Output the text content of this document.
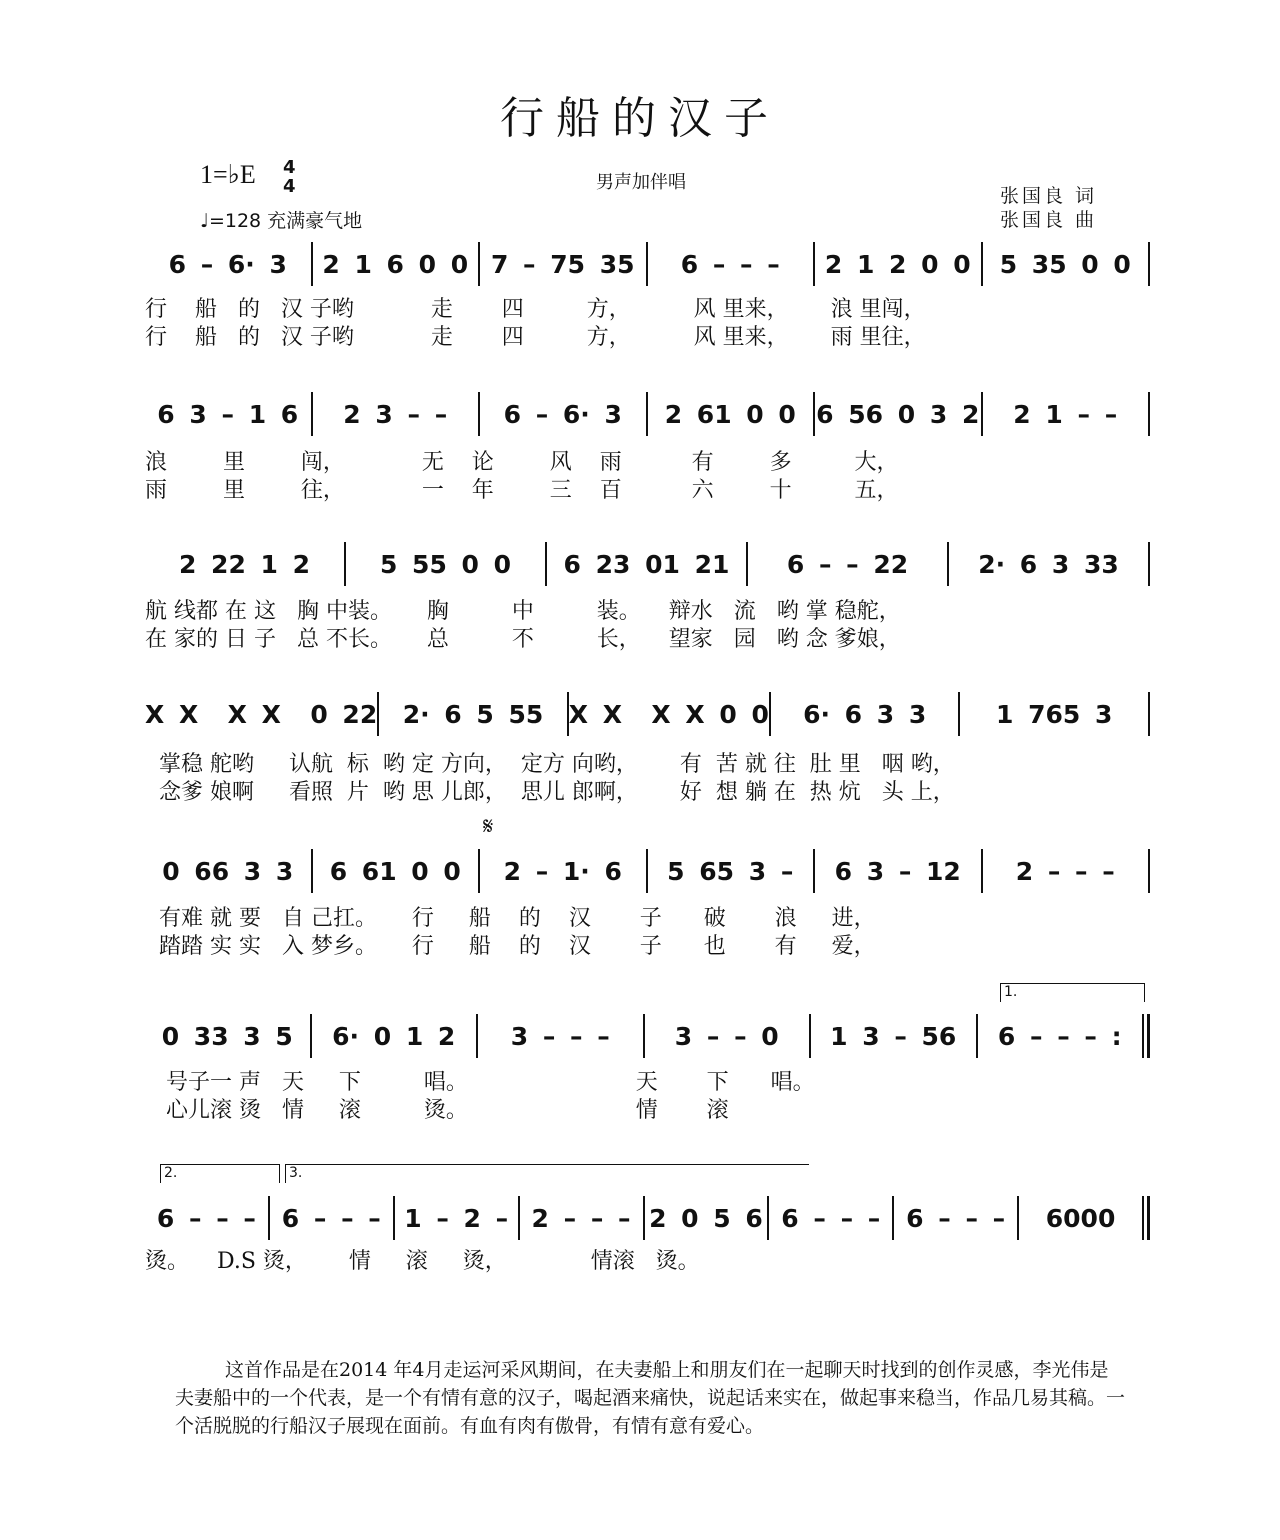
行船的汉子
1=♭E 4
4
♩=128 充满豪气地
男声加伴唱
张国良 词
张国良 曲
𝄋
1.
2.	3.
6 – 6· 3	2 1 6 0 0 7 – 75 35	6 – – –	2 1 2 0 0	5 35 0 0
行    船   的   汉 子哟           走       四         方，         风 里来，      浪 里闯，
行    船   的   汉 子哟           走       四         方，         风 里来，      雨 里往，
6 3 – 1 6	2 3 – –	6 – 6· 3	2 61 0 0 6 56 0 3 2	2 1 – –
浪        里        闯，           无    论        风    雨          有        多         大，
雨        里        往，           一    年        三    百          六        十         五，
2 22 1 2	5 55 0 0	6 23 01 21	6 – – 22	2· 6 3 33
航 线都 在 这   胸 中装。     胸         中         装。    辩水   流   哟 掌 稳舵，
在 家的 日 子   总 不长。     总         不         长，    望家   园   哟 念 爹娘，
X X  X X  0 22	2· 6 5 55	X X  X X 0 0	6· 6 3 3	1 765 3
掌稳 舵哟     认航  标  哟 定 方向，  定方 向哟，      有  苦 就 往  肚 里   咽 哟，
念爹 娘啊     看照  片  哟 思 儿郎，  思儿 郎啊，      好  想 躺 在  热 炕   头 上，
0 66 3 3	6 61 0 0	2 – 1· 6	5 65 3 –	6 3 – 12	2 – – –
有难 就 要   自 己扛。     行     船    的    汉       子      破       浪     进，
踏踏 实 实   入 梦乡。     行     船    的    汉       子      也       有     爱，
0 33 3 5	6· 0 1 2	3 – – –	3 – – 0	1 3 – 56	6 – – – :
号子一 声   天     下         唱。                        天       下      唱。
心儿滚 烫   情     滚         烫。                        情       滚
6 – – –	6 – – – 1 – 2 – 2 – – – 2 0 5 6 6 – – –	6 – – –	6000
烫。    D.S 烫，      情     滚     烫，            情滚   烫。
这首作品是在2014 年4月走运河采风期间，在夫妻船上和朋友们在一起聊天时找到的创作灵感，李光伟是夫妻船中的一个代表，是一个有情有意的汉子，喝起酒来痛快，说起话来实在，做起事来稳当，作品几易其稿。一个活脱脱的行船汉子展现在面前。有血有肉有傲骨，有情有意有爱心。
